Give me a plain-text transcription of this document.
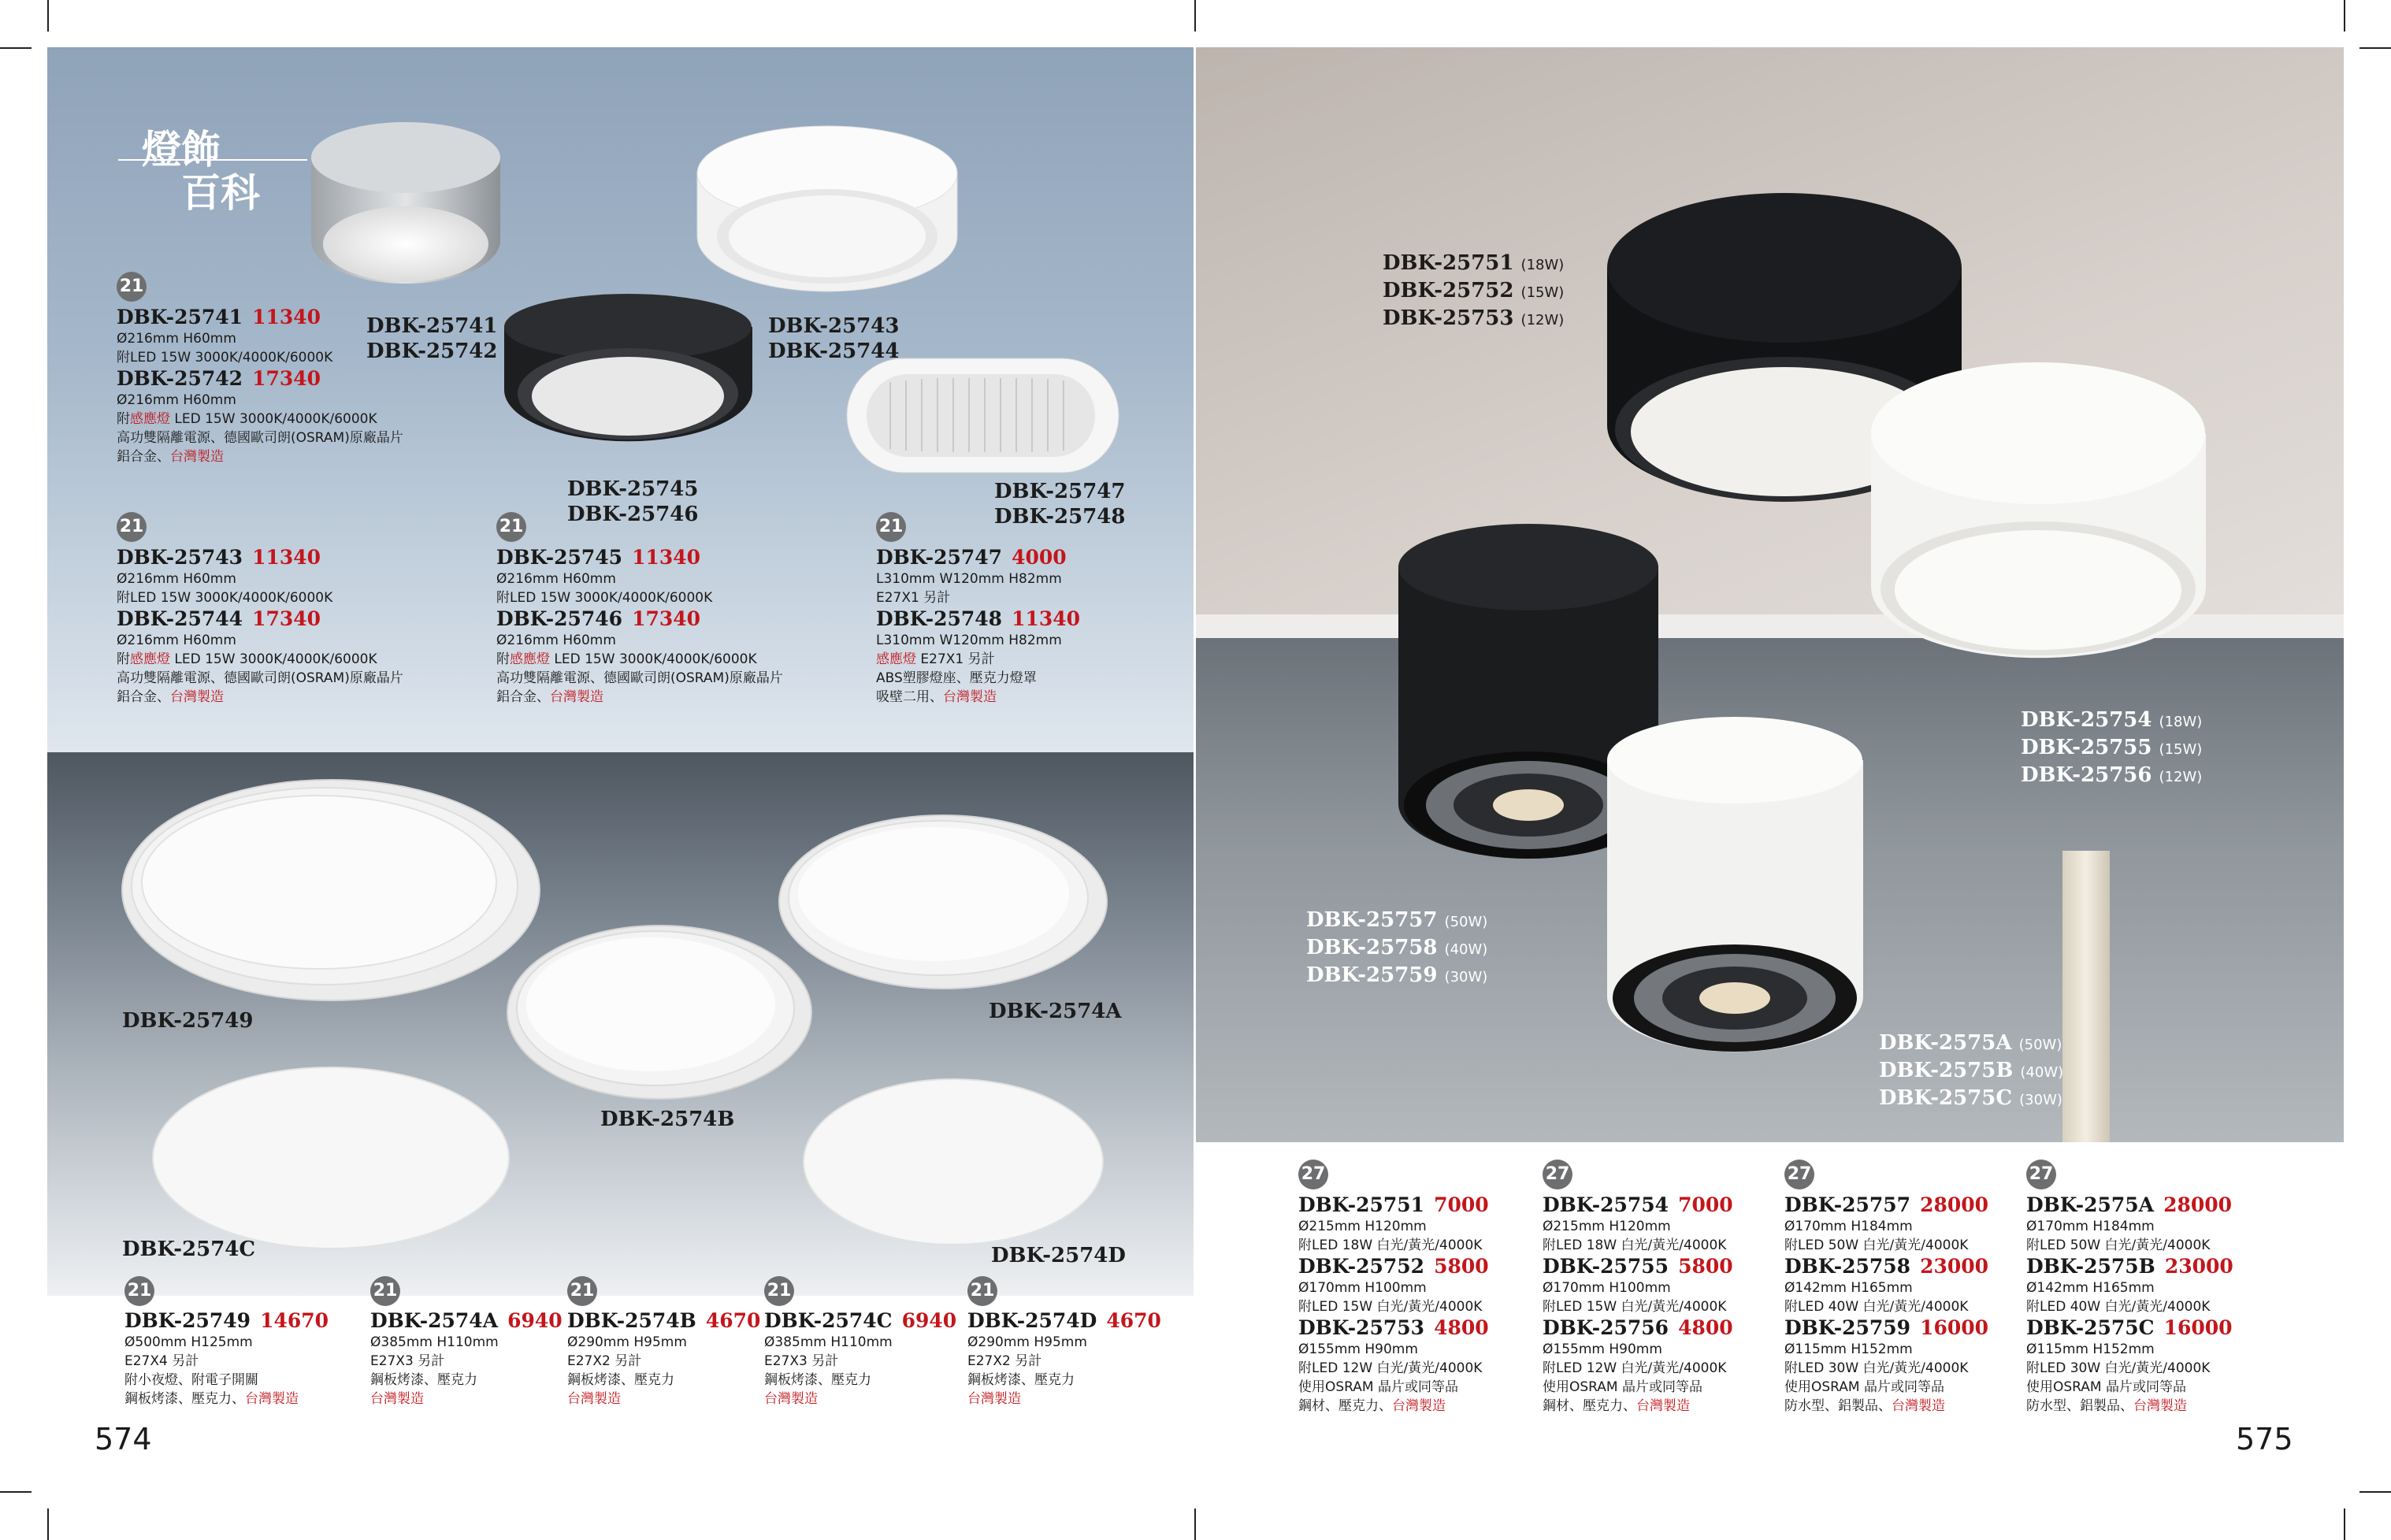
燈飾
百科
DBK-25741
DBK-25742
DBK-25743
DBK-25744
DBK-25745
DBK-25746
DBK-25747
DBK-25748
DBK-25749	DBK-2574A
DBK-2574B
DBK-2574C	DBK-2574D
DBK-25751 (18W)
DBK-25752 (15W)
DBK-25753 (12W)
DBK-25754 (18W)
DBK-25755 (15W)
DBK-25756 (12W)
DBK-25757 (50W)
DBK-25758 (40W)
DBK-25759 (30W)
DBK-2575A (50W)
DBK-2575B (40W)
DBK-2575C (30W)
21
DBK-25741 11340
Ø216mm H60mm
附LED 15W 3000K/4000K/6000K
DBK-25742 17340
Ø216mm H60mm
附感應燈 LED 15W 3000K/4000K/6000K
高功雙隔離電源、德國歐司朗(OSRAM)原廠晶片
鋁合金、台灣製造
21
DBK-25743 11340
Ø216mm H60mm
附LED 15W 3000K/4000K/6000K
DBK-25744 17340
Ø216mm H60mm
附感應燈 LED 15W 3000K/4000K/6000K
高功雙隔離電源、德國歐司朗(OSRAM)原廠晶片
鋁合金、台灣製造
21
DBK-25745 11340
Ø216mm H60mm
附LED 15W 3000K/4000K/6000K
DBK-25746 17340
Ø216mm H60mm
附感應燈 LED 15W 3000K/4000K/6000K
高功雙隔離電源、德國歐司朗(OSRAM)原廠晶片
鋁合金、台灣製造
21
DBK-25747 4000
L310mm W120mm H82mm
E27X1 另計
DBK-25748 11340
L310mm W120mm H82mm
感應燈 E27X1 另計
ABS塑膠燈座、壓克力燈罩
吸壁二用、台灣製造
21
DBK-25749 14670
Ø500mm H125mm
E27X4 另計
附小夜燈、附電子開關
鋼板烤漆、壓克力、台灣製造
21
DBK-2574A 6940
Ø385mm H110mm
E27X3 另計
鋼板烤漆、壓克力
台灣製造
21
DBK-2574B 4670
Ø290mm H95mm
E27X2 另計
鋼板烤漆、壓克力
台灣製造
21
DBK-2574C 6940
Ø385mm H110mm
E27X3 另計
鋼板烤漆、壓克力
台灣製造
21
DBK-2574D 4670
Ø290mm H95mm
E27X2 另計
鋼板烤漆、壓克力
台灣製造
27
DBK-25751 7000
Ø215mm H120mm
附LED 18W 白光/黃光/4000K
DBK-25752 5800
Ø170mm H100mm
附LED 15W 白光/黃光/4000K
DBK-25753 4800
Ø155mm H90mm
附LED 12W 白光/黃光/4000K
使用OSRAM 晶片或同等品
鋼材、壓克力、台灣製造
27
DBK-25754 7000
Ø215mm H120mm
附LED 18W 白光/黃光/4000K
DBK-25755 5800
Ø170mm H100mm
附LED 15W 白光/黃光/4000K
DBK-25756 4800
Ø155mm H90mm
附LED 12W 白光/黃光/4000K
使用OSRAM 晶片或同等品
鋼材、壓克力、台灣製造
27
DBK-25757 28000
Ø170mm H184mm
附LED 50W 白光/黃光/4000K
DBK-25758 23000
Ø142mm H165mm
附LED 40W 白光/黃光/4000K
DBK-25759 16000
Ø115mm H152mm
附LED 30W 白光/黃光/4000K
使用OSRAM 晶片或同等品
防水型、鋁製品、台灣製造
27
DBK-2575A 28000
Ø170mm H184mm
附LED 50W 白光/黃光/4000K
DBK-2575B 23000
Ø142mm H165mm
附LED 40W 白光/黃光/4000K
DBK-2575C 16000
Ø115mm H152mm
附LED 30W 白光/黃光/4000K
使用OSRAM 晶片或同等品
防水型、鋁製品、台灣製造
574	575
